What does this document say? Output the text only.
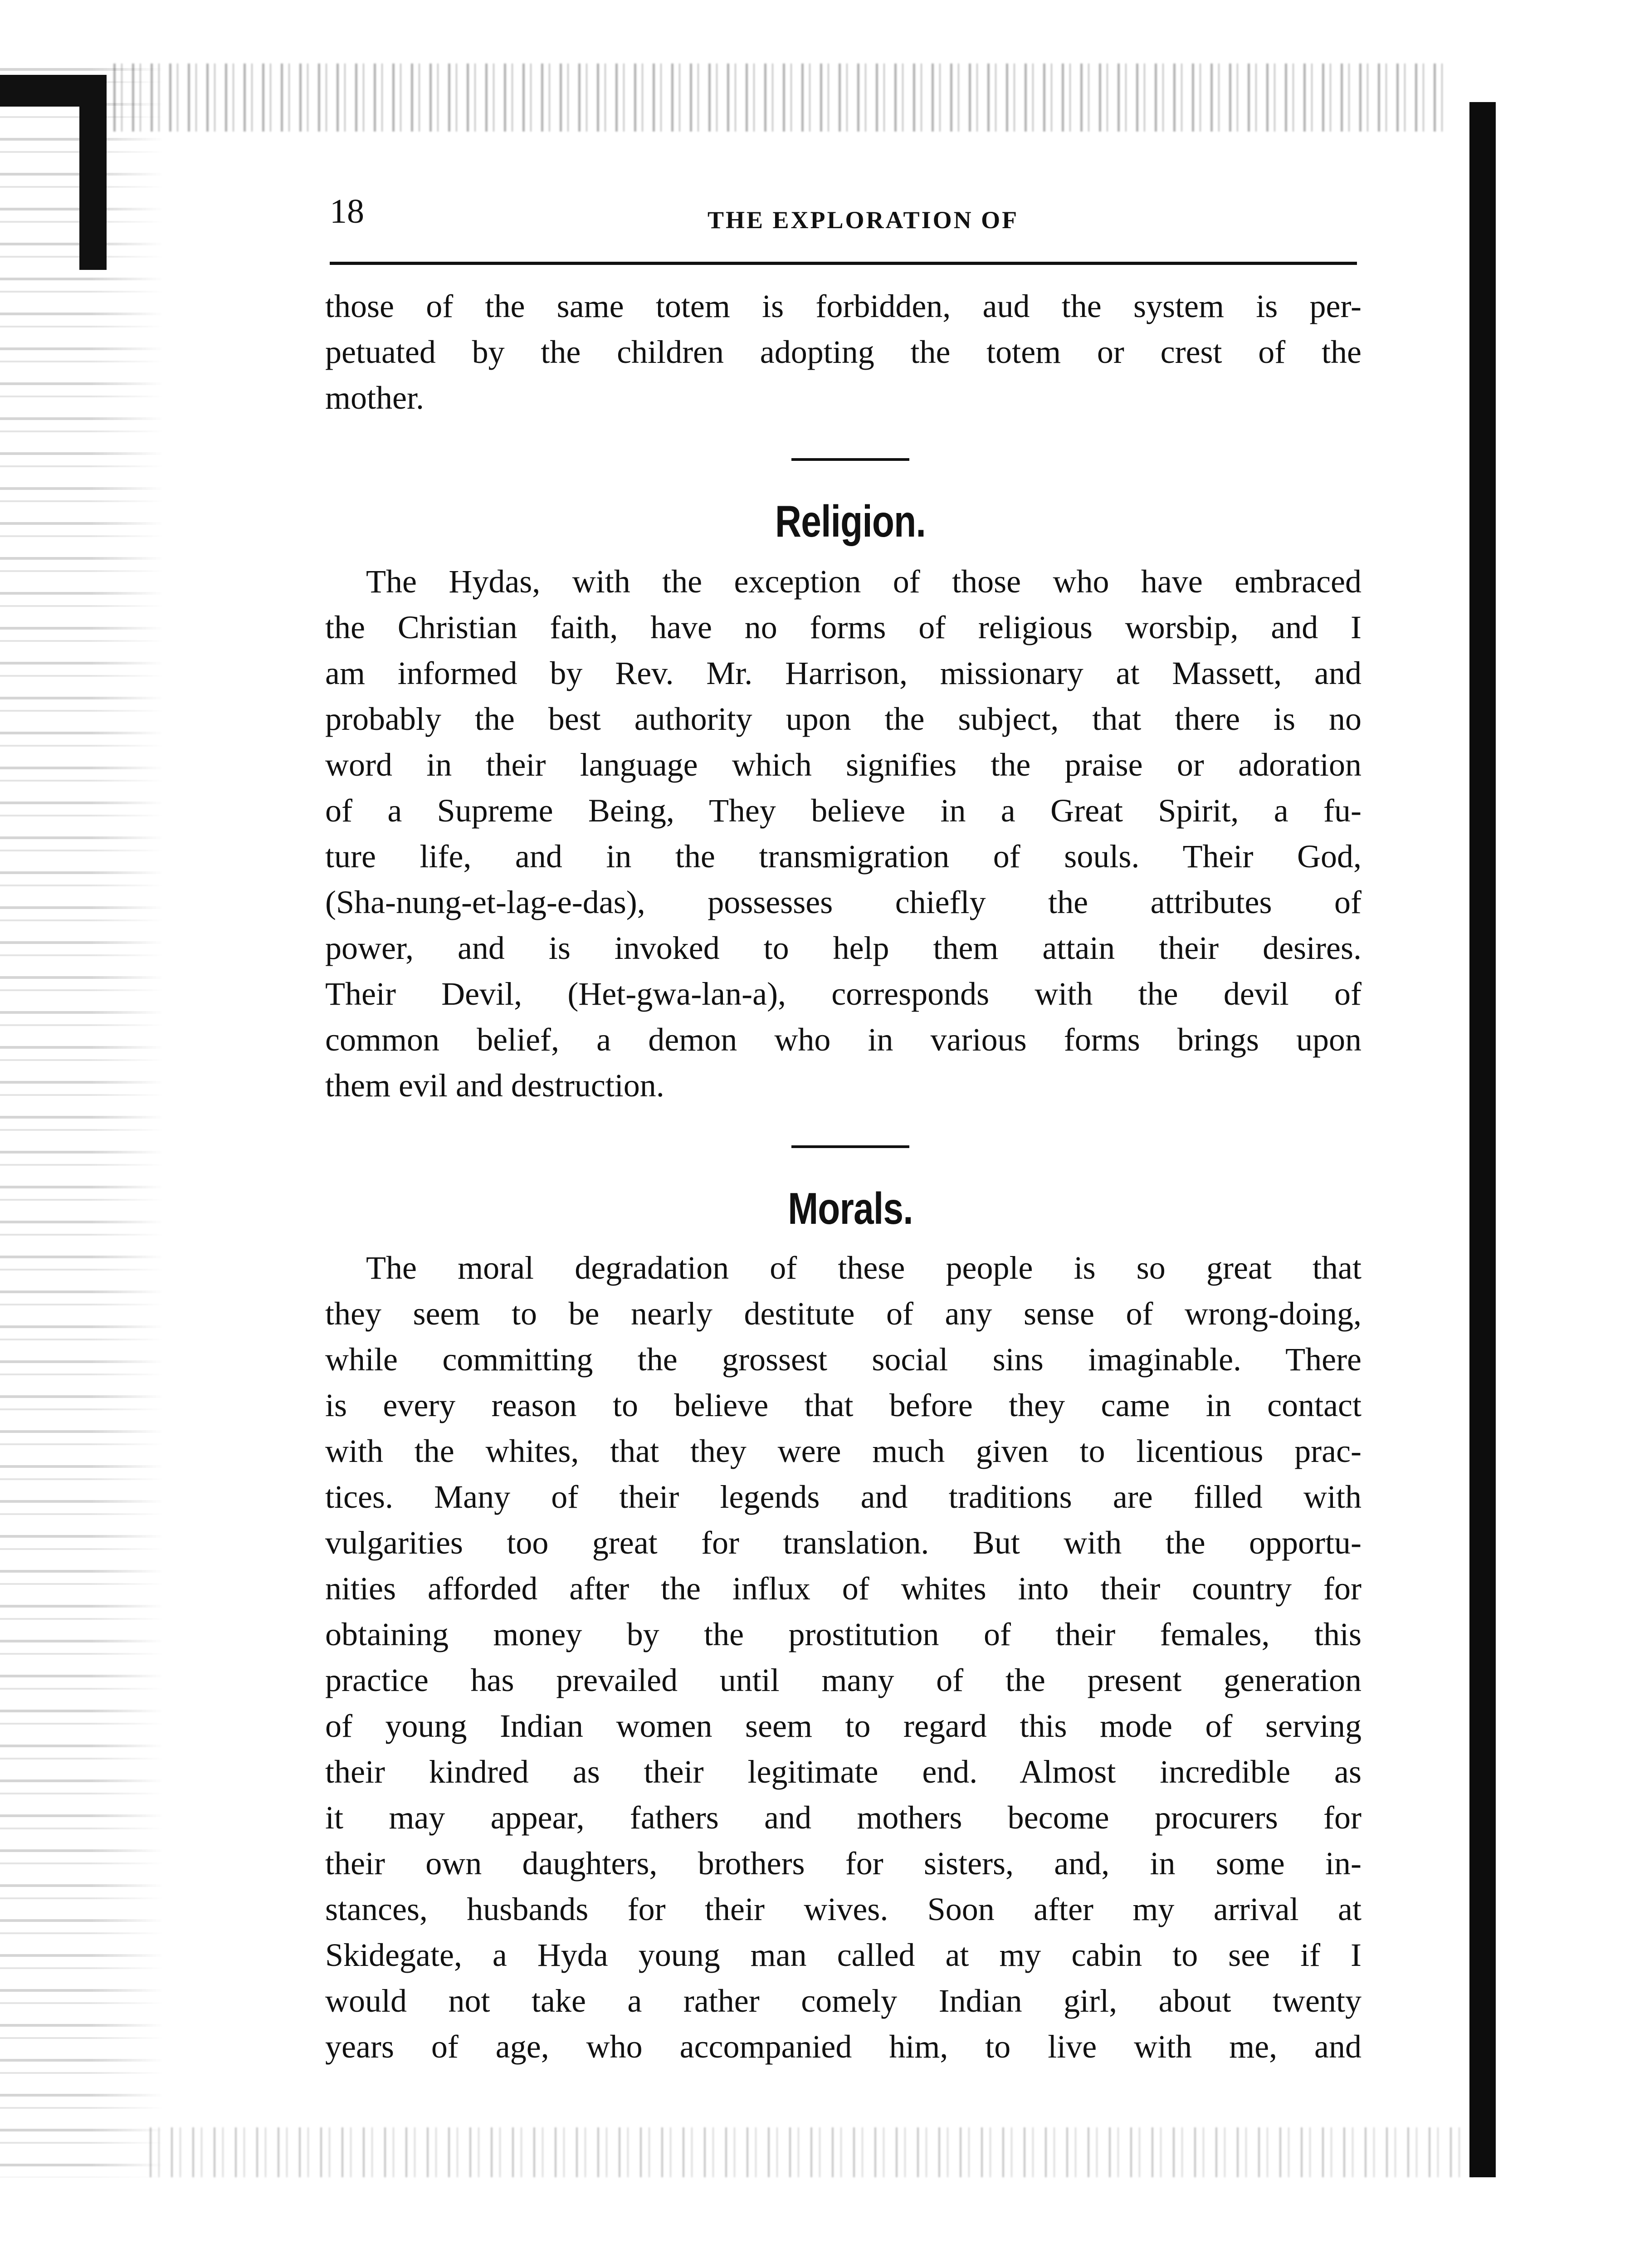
18	THE EXPLORATION OF
those of the same totem is forbidden, aud the system is per-
petuated by the children adopting the totem or crest of the
mother.
Religion.
The Hydas, with the exception of those who have embraced
the Christian faith, have no forms of religious worsbip, and I
am informed by Rev. Mr. Harrison, missionary at Massett, and
probably the best authority upon the subject, that there is no
word in their language which signifies the praise or adoration
of a Supreme Being, They believe in a Great Spirit, a fu-
ture life, and in the transmigration of souls. Their God,
(Sha-nung-et-lag-e-das), possesses chiefly the attributes of
power, and is invoked to help them attain their desires.
Their Devil, (Het-gwa-lan-a), corresponds with the devil of
common belief, a demon who in various forms brings upon
them evil and destruction.
Morals.
The moral degradation of these people is so great that
they seem to be nearly destitute of any sense of wrong-doing,
while committing the grossest social sins imaginable. There
is every reason to believe that before they came in contact
with the whites, that they were much given to licentious prac-
tices. Many of their legends and traditions are filled with
vulgarities too great for translation. But with the opportu-
nities afforded after the influx of whites into their country for
obtaining money by the prostitution of their females, this
practice has prevailed until many of the present generation
of young Indian women seem to regard this mode of serving
their kindred as their legitimate end. Almost incredible as
it may appear, fathers and mothers become procurers for
their own daughters, brothers for sisters, and, in some in-
stances, husbands for their wives. Soon after my arrival at
Skidegate, a Hyda young man called at my cabin to see if I
would not take a rather comely Indian girl, about twenty
years of age, who accompanied him, to live with me, and
